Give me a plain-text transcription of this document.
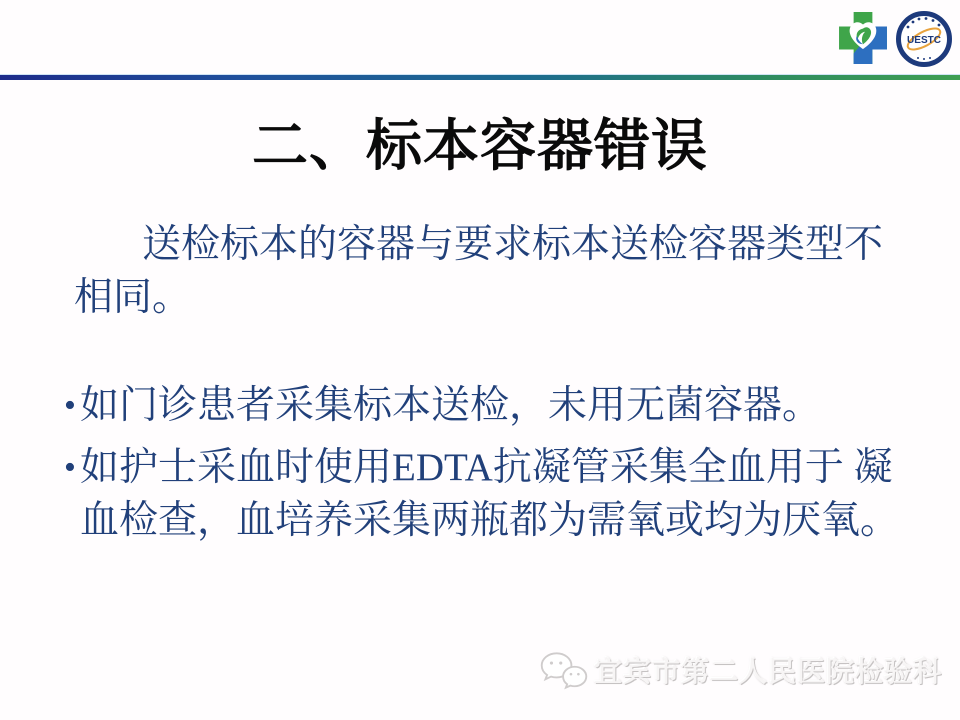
UESTC
二、标本容器错误
送检标本的容器与要求标本送检容器类型不
相同。
• 如门诊患者采集标本送检，未用无菌容器。
• 如护士采血时使用EDTA抗凝管采集全血用于 凝
血检查，血培养采集两瓶都为需氧或均为厌氧。
宜宾市第二人民医院检验科
